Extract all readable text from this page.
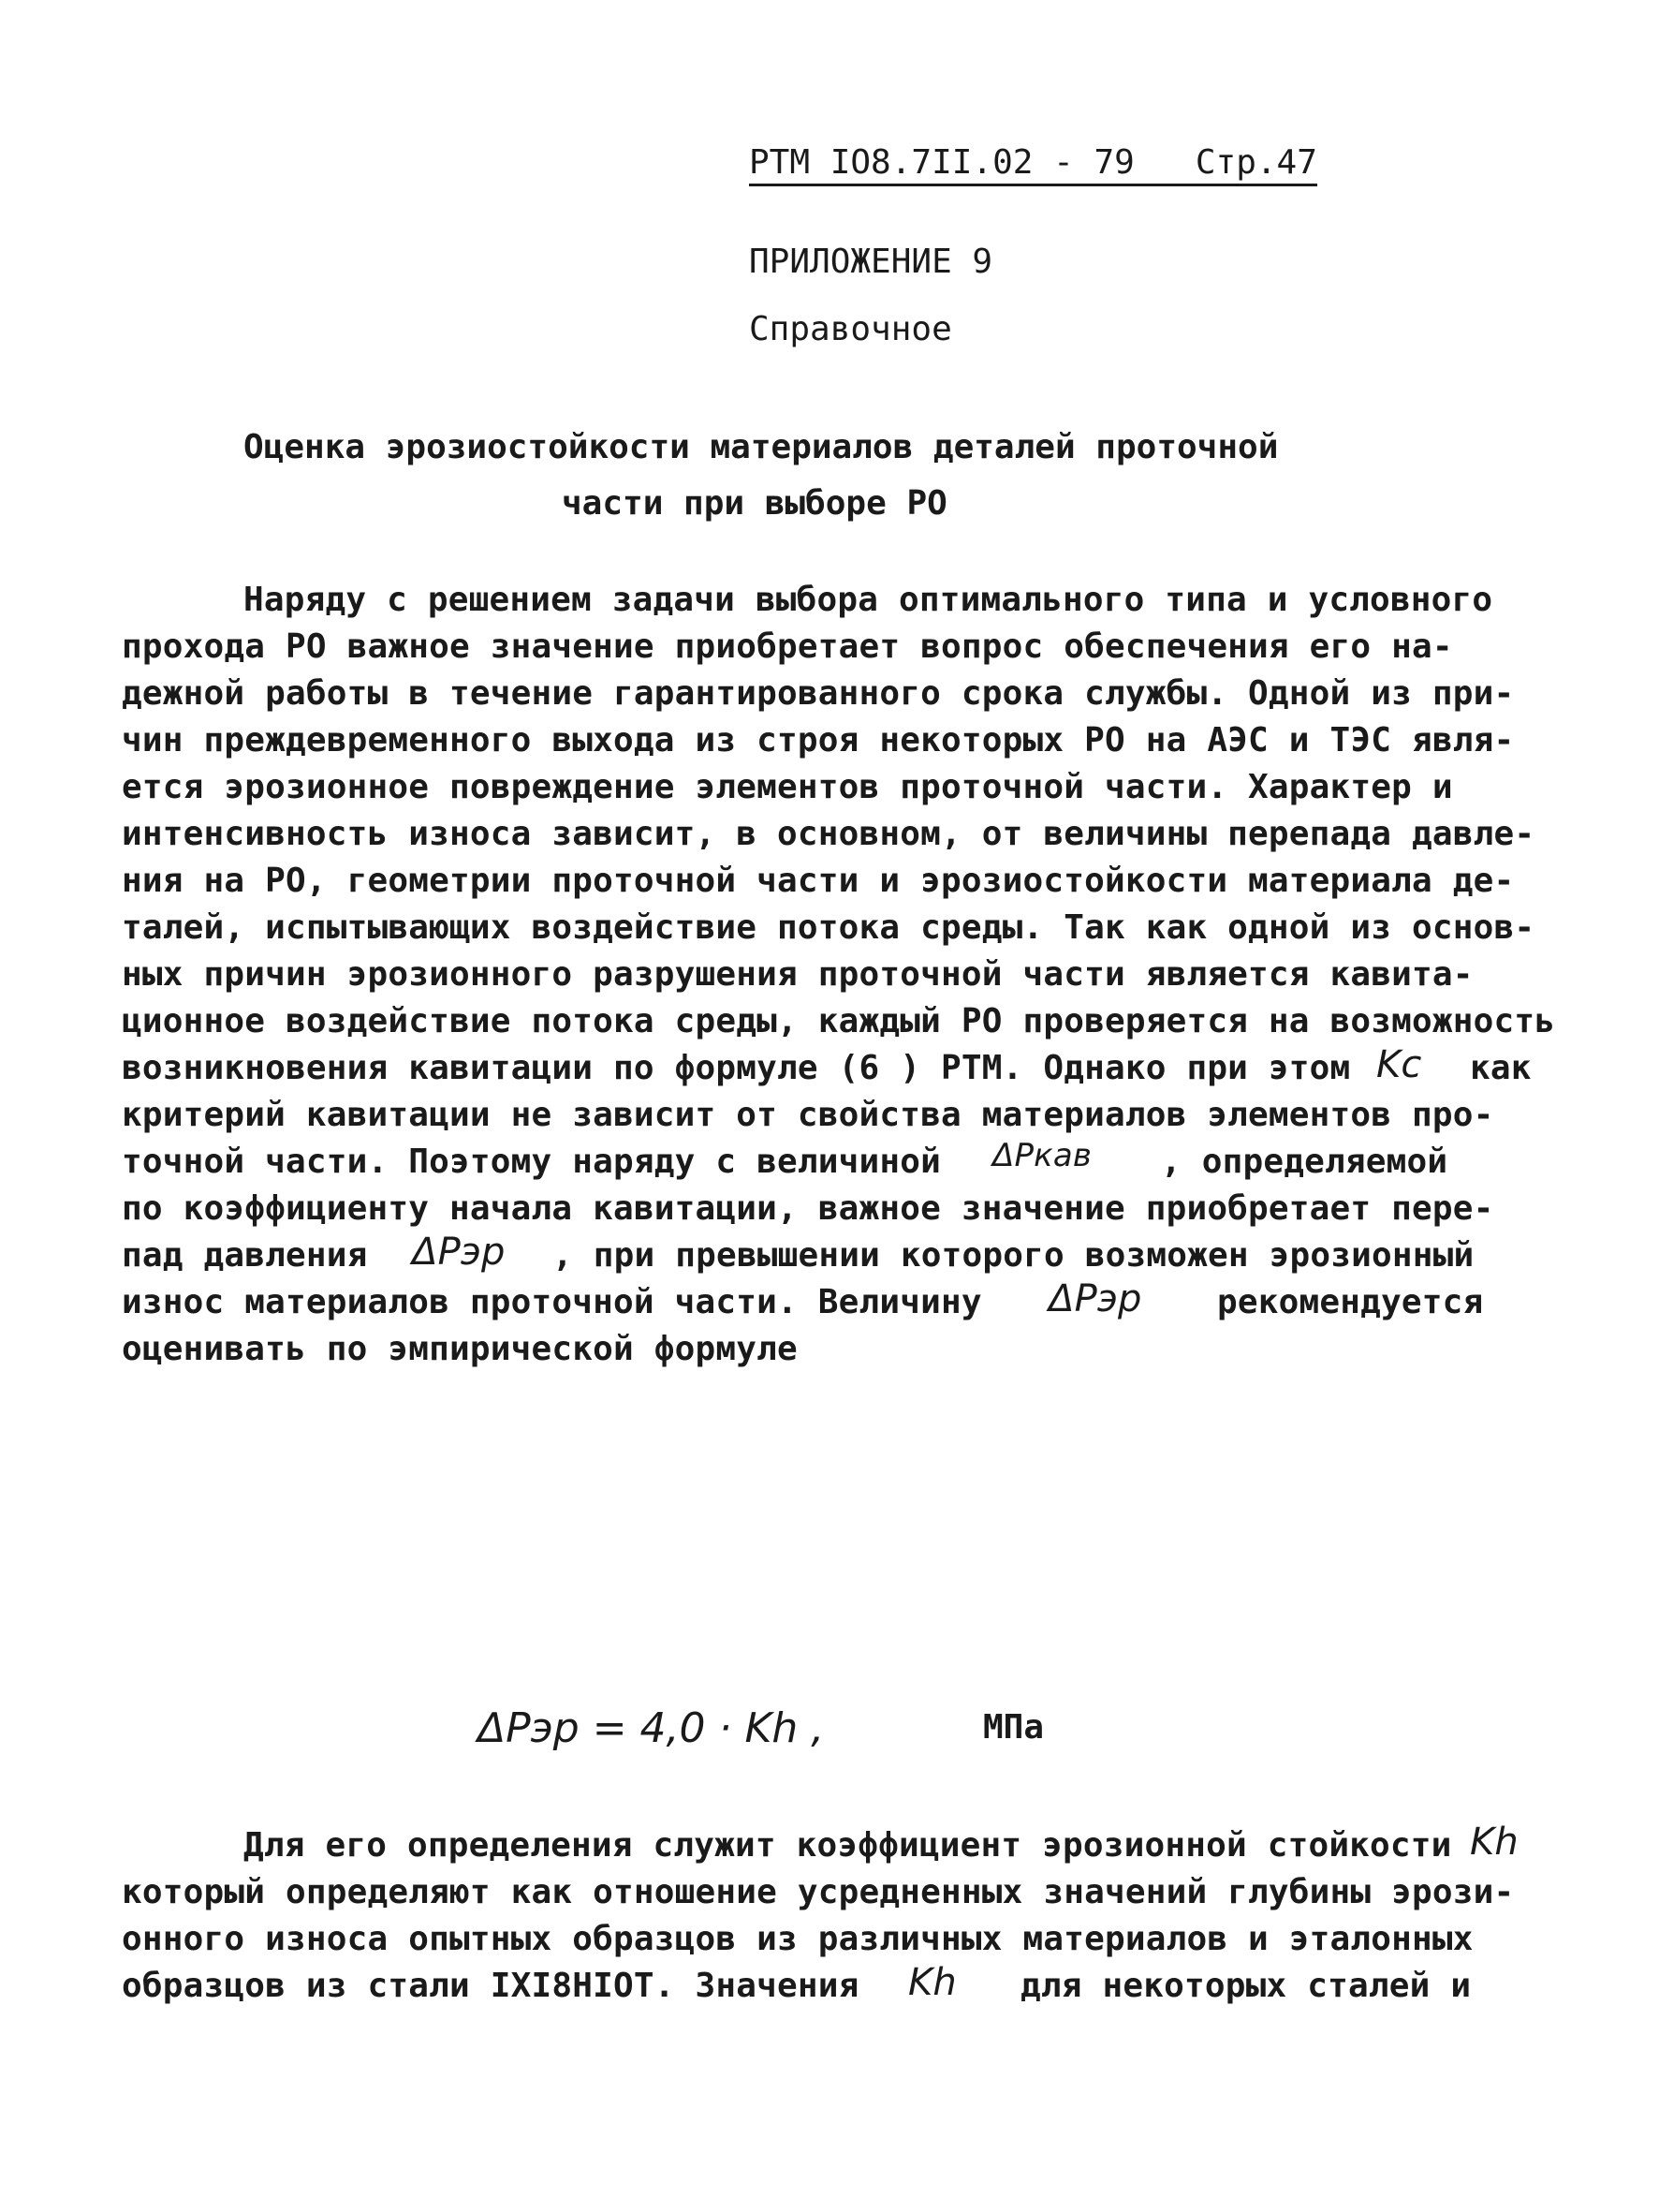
РТМ IO8.7II.02 - 79 Стр.47
ПРИЛОЖЕНИЕ 9
Справочное
Оценка эрозиостойкости материалов деталей проточной
части при выборе РО
Наряду с решением задачи выбора оптимального типа и условного
прохода РО важное значение приобретает вопрос обеспечения его на-
дежной работы в течение гарантированного срока службы. Одной из при-
чин преждевременного выхода из строя некоторых РО на АЭС и ТЭС явля-
ется эрозионное повреждение элементов проточной части. Характер и
интенсивность износа зависит, в основном, от величины перепада давле-
ния на РО, геометрии проточной части и эрозиостойкости материала де-
талей, испытывающих воздействие потока среды. Так как одной из основ-
ных причин эрозионного разрушения проточной части является кавита-
ционное воздействие потока среды, каждый РО проверяется на возможность
возникновения кавитации по формуле (6 ) РТМ. Однако при этом Kc как
критерий кавитации не зависит от свойства материалов элементов про-
точной части. Поэтому наряду с величиной ΔPкав , определяемой
по коэффициенту начала кавитации, важное значение приобретает пере-
пад давления ΔPэр , при превышении которого возможен эрозионный
износ материалов проточной части. Величину ΔPэр рекомендуется
оценивать по эмпирической формуле
ΔPэр = 4,0 · Kh ,	МПа
Для его определения служит коэффициент эрозионной стойкости Kh
который определяют как отношение усредненных значений глубины эрози-
онного износа опытных образцов из различных материалов и эталонных
образцов из стали IXI8HIOT. Значения Kh для некоторых сталей и
